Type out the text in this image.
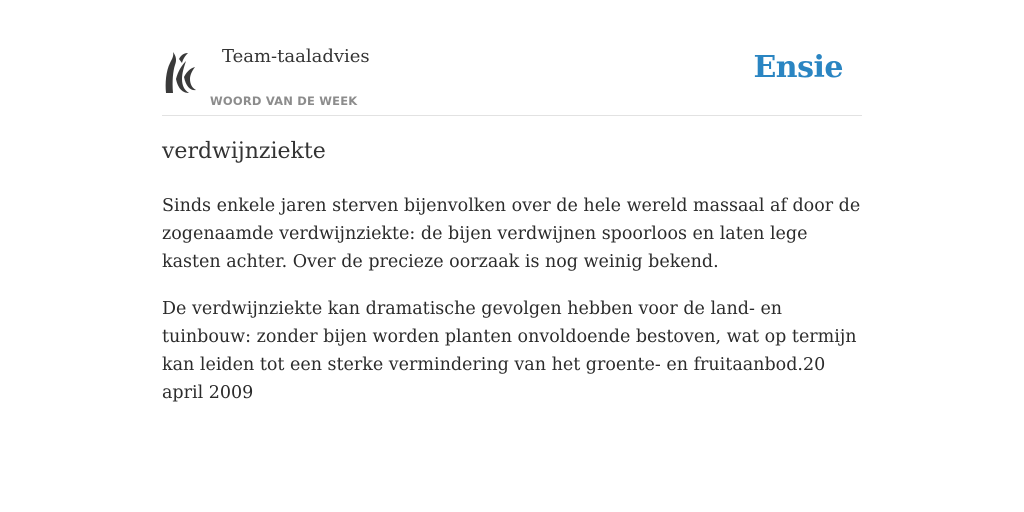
Team-taaladvies
WOORD VAN DE WEEK
Ensie
verdwijnziekte

Sinds enkele jaren sterven bijenvolken over de hele wereld massaal af door de zogenaamde verdwijnziekte: de bijen verdwijnen spoorloos en laten lege kasten achter. Over de precieze oorzaak is nog weinig bekend.

De verdwijnziekte kan dramatische gevolgen hebben voor de land- en tuinbouw: zonder bijen worden planten onvoldoende bestoven, wat op termijn kan leiden tot een sterke vermindering van het groente- en fruitaanbod.20 april 2009
